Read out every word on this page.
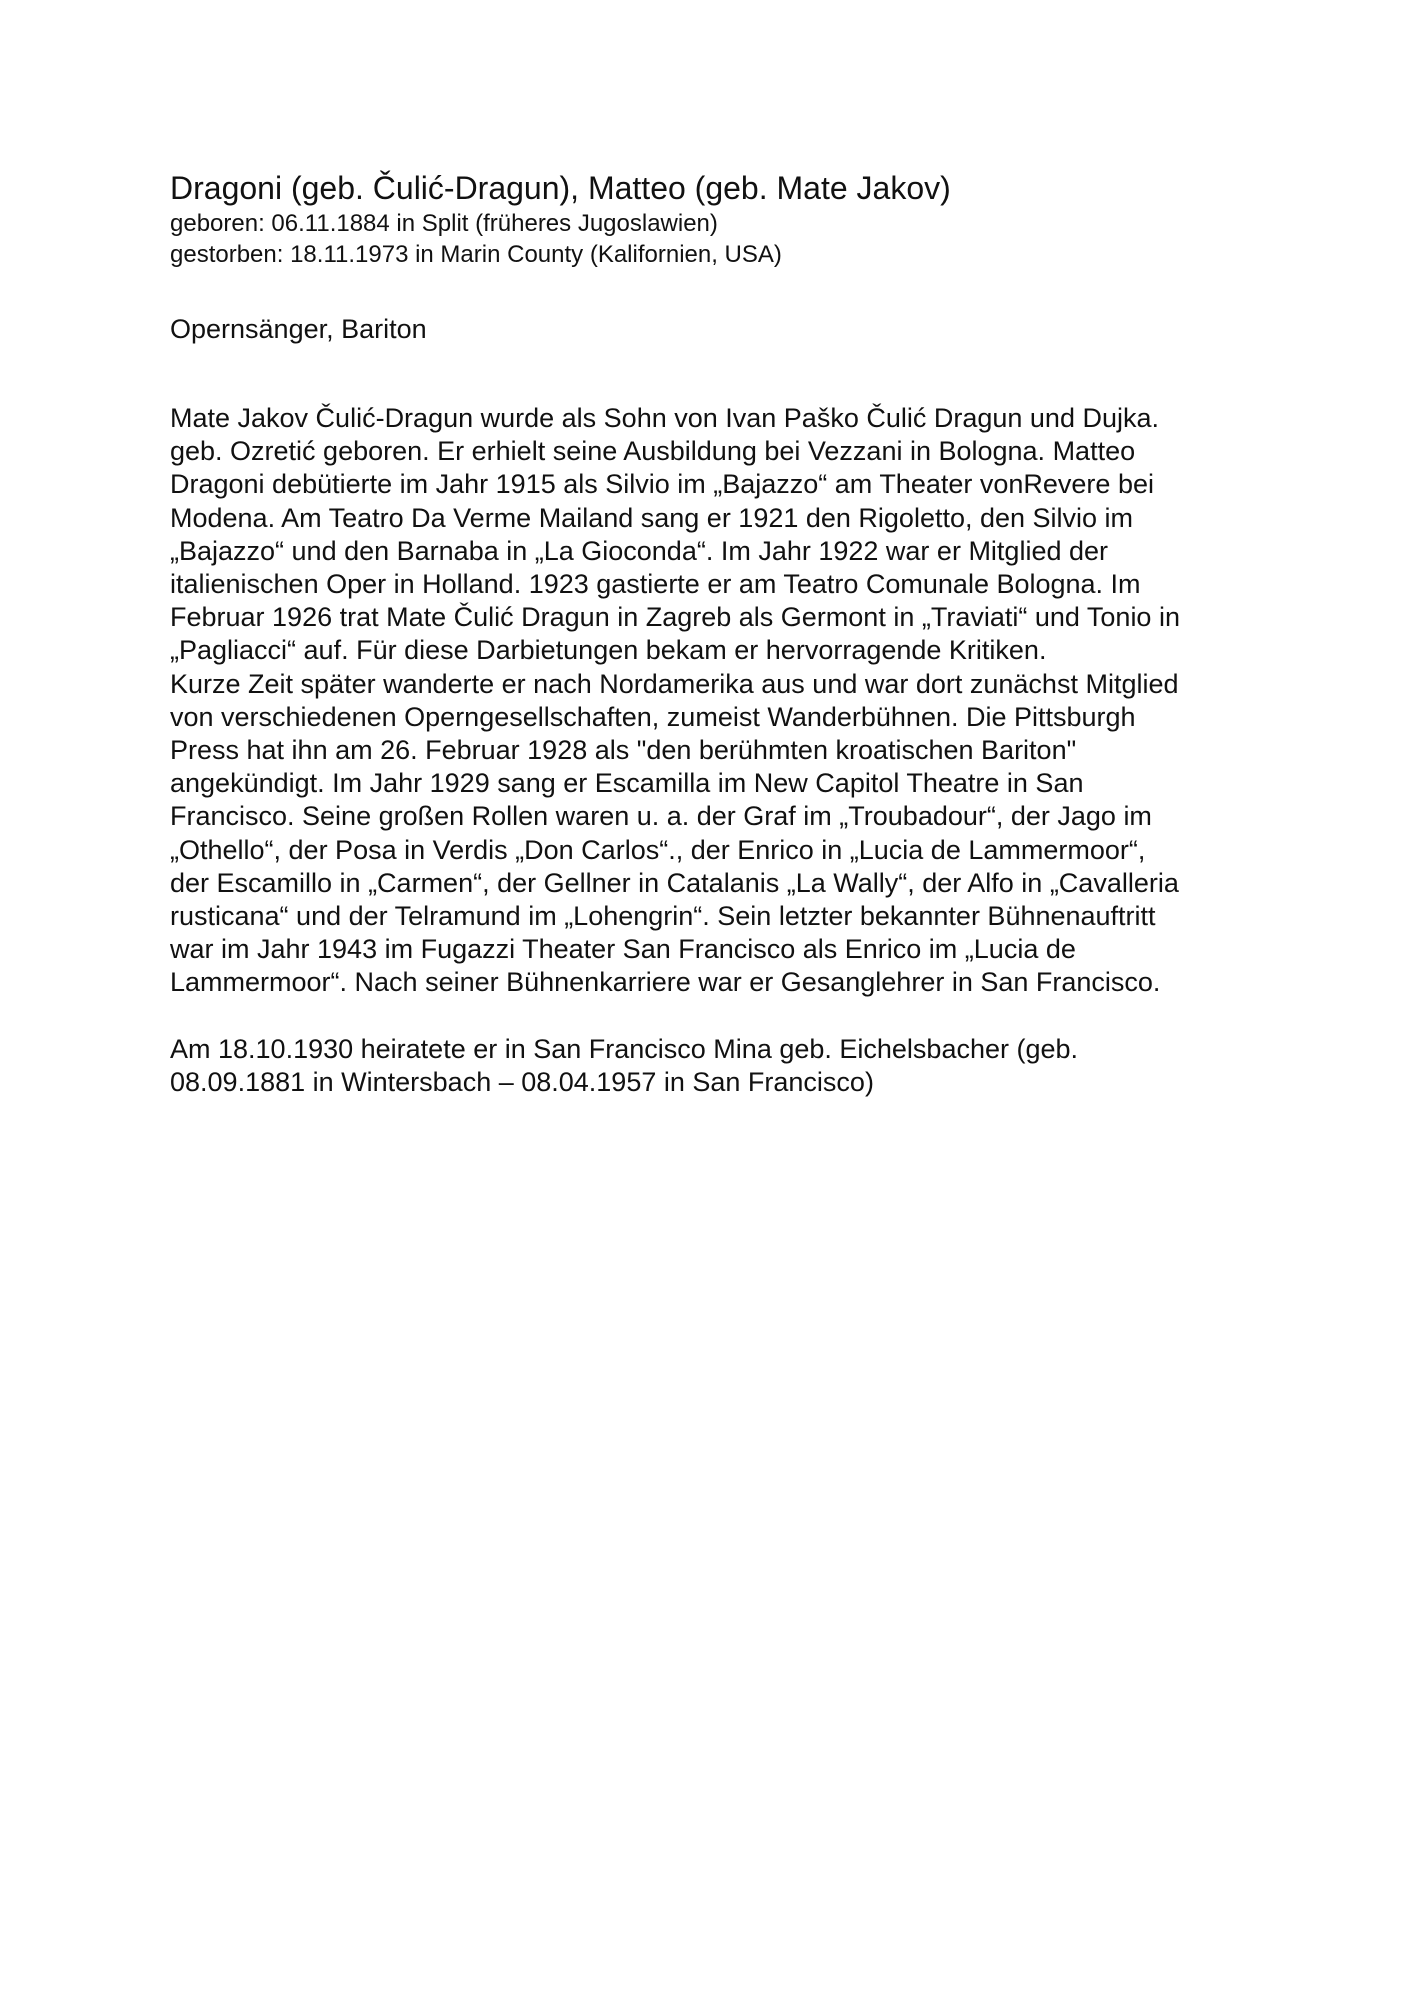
Dragoni (geb. Čulić-Dragun), Matteo (geb. Mate Jakov)

geboren: 06.11.1884 in Split (früheres Jugoslawien)

gestorben: 18.11.1973 in Marin County (Kalifornien, USA)

Opernsänger, Bariton

Mate Jakov Čulić-Dragun wurde als Sohn von Ivan Paško Čulić Dragun und Dujka.
geb. Ozretić geboren. Er erhielt seine Ausbildung bei Vezzani in Bologna. Matteo
Dragoni debütierte im Jahr 1915 als Silvio im „Bajazzo“ am Theater vonRevere bei
Modena. Am Teatro Da Verme Mailand sang er 1921 den Rigoletto, den Silvio im
„Bajazzo“ und den Barnaba in „La Gioconda“. Im Jahr 1922 war er Mitglied der
italienischen Oper in Holland. 1923 gastierte er am Teatro Comunale Bologna. Im
Februar 1926 trat Mate Čulić Dragun in Zagreb als Germont in „Traviati“ und Tonio in
„Pagliacci“ auf. Für diese Darbietungen bekam er hervorragende Kritiken.
Kurze Zeit später wanderte er nach Nordamerika aus und war dort zunächst Mitglied
von verschiedenen Operngesellschaften, zumeist Wanderbühnen. Die Pittsburgh
Press hat ihn am 26. Februar 1928 als "den berühmten kroatischen Bariton"
angekündigt. Im Jahr 1929 sang er Escamilla im New Capitol Theatre in San
Francisco. Seine großen Rollen waren u. a. der Graf im „Troubadour“, der Jago im
„Othello“, der Posa in Verdis „Don Carlos“., der Enrico in „Lucia de Lammermoor“,
der Escamillo in „Carmen“, der Gellner in Catalanis „La Wally“, der Alfo in „Cavalleria
rusticana“ und der Telramund im „Lohengrin“. Sein letzter bekannter Bühnenauftritt
war im Jahr 1943 im Fugazzi Theater San Francisco als Enrico im „Lucia de
Lammermoor“. Nach seiner Bühnenkarriere war er Gesanglehrer in San Francisco.
Am 18.10.1930 heiratete er in San Francisco Mina geb. Eichelsbacher (geb.
08.09.1881 in Wintersbach – 08.04.1957 in San Francisco)
